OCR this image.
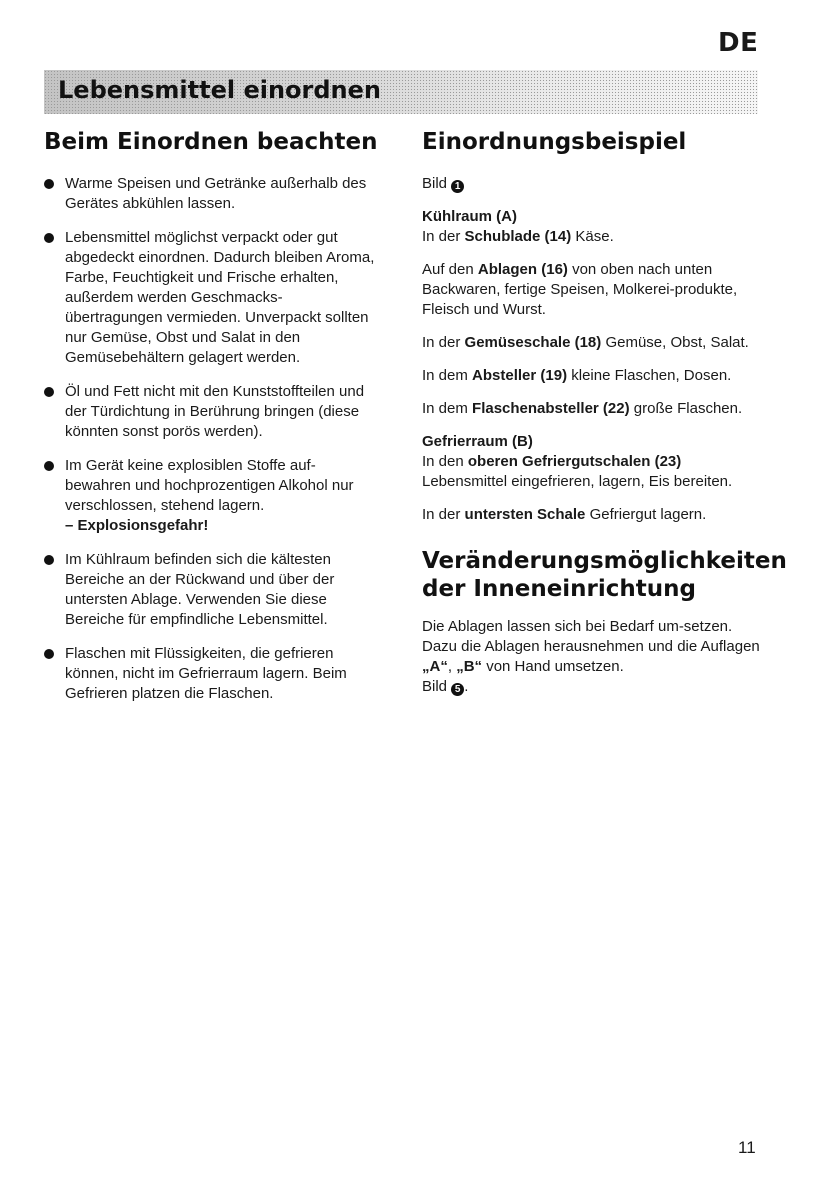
DE
Lebensmittel einordnen
Beim Einordnen beachten
Warme Speisen und Getränke außerhalb des Gerätes abkühlen lassen.
Lebensmittel möglichst verpackt oder gut abgedeckt einordnen. Dadurch bleiben Aroma, Farbe, Feuchtigkeit und Frische erhalten, außerdem werden Geschmacks-übertragungen vermieden. Unverpackt sollten nur Gemüse, Obst und Salat in den Gemüsebehältern gelagert werden.
Öl und Fett nicht mit den Kunststoffteilen und der Türdichtung in Berührung bringen (diese könnten sonst porös werden).
Im Gerät keine explosiblen Stoffe auf-bewahren und hochprozentigen Alkohol nur verschlossen, stehend lagern.
– Explosionsgefahr!
Im Kühlraum befinden sich die kältesten Bereiche an der Rückwand und über der untersten Ablage. Verwenden Sie diese Bereiche für empfindliche Lebensmittel.
Flaschen mit Flüssigkeiten, die gefrieren können, nicht im Gefrierraum lagern. Beim Gefrieren platzen die Flaschen.
Einordnungsbeispiel

Bild 1

Kühlraum (A)
In der Schublade (14) Käse.

Auf den Ablagen (16) von oben nach unten Backwaren, fertige Speisen, Molkerei-produkte, Fleisch und Wurst.

In der Gemüseschale (18) Gemüse, Obst, Salat.

In dem Absteller (19) kleine Flaschen, Dosen.

In dem Flaschenabsteller (22) große Flaschen.

Gefrierraum (B)
In den oberen Gefriergutschalen (23) Lebensmittel eingefrieren, lagern, Eis bereiten.

In der untersten Schale Gefriergut lagern.

Veränderungsmöglichkeiten der Inneneinrichtung

Die Ablagen lassen sich bei Bedarf um-setzen.

Dazu die Ablagen herausnehmen und die Auflagen „A“, „B“ von Hand umsetzen.

Bild 5 .

11
